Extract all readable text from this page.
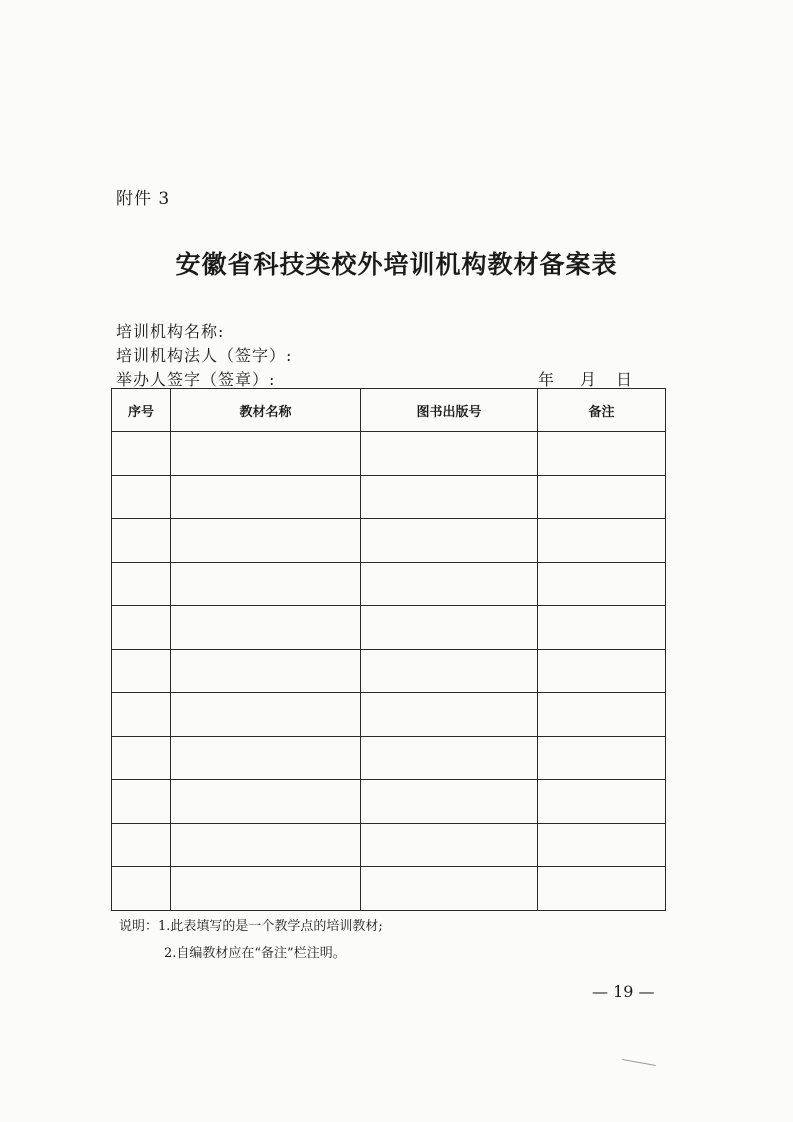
附件 3
安徽省科技类校外培训机构教材备案表
培训机构名称:
培训机构法人（签字）:
举办人签字（签章）:	年 月 日
序号	教材名称	图书出版号	备注

说明：1.此表填写的是一个教学点的培训教材;
2.自编教材应在“备注”栏注明。
— 19 —
